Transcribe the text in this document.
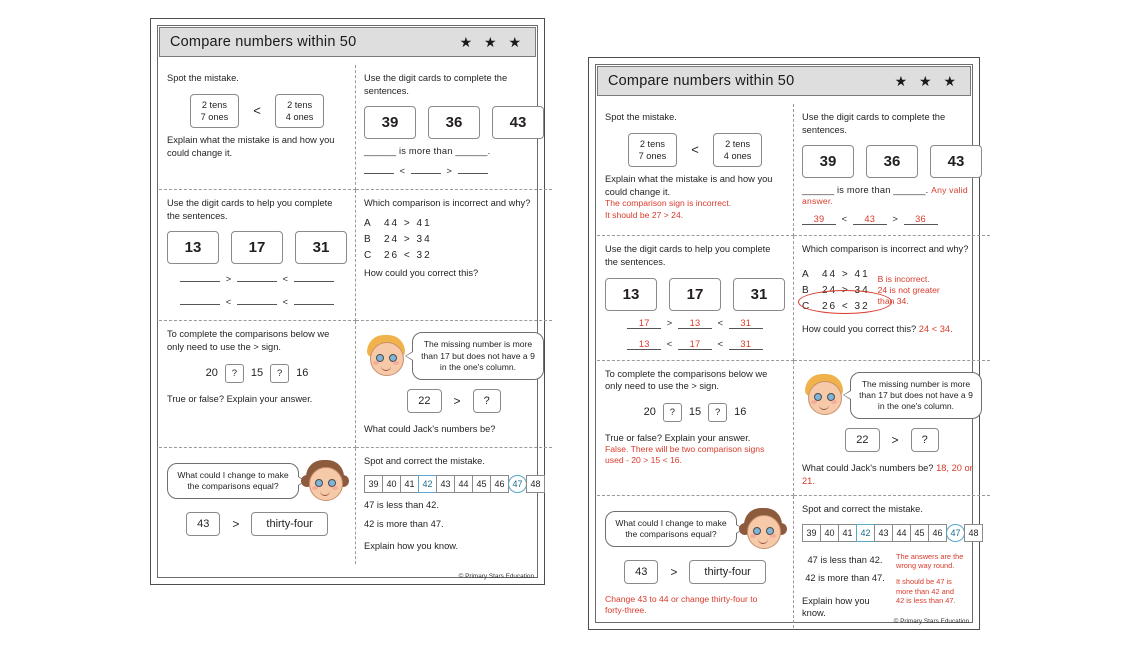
Compare numbers within 50	★ ★ ★
Spot the mistake.
2 tens
7 ones <	2 tens
4 ones
Explain what the mistake is and how you could change it.
Use the digit cards to complete the sentences.
39	36	43
______ is more than ______.
<	>
Use the digit cards to help you complete the sentences.
13	17	31
>	<
<	<
Which comparison is incorrect and why?
A	44 > 41
B	24 > 34
C 26 < 32
How could you correct this?
To complete the comparisons below we only need to use the > sign.
20	?	15	?	16
True or false? Explain your answer.
The missing number is more than 17 but does not have a 9 in the one's column.
22	>	?
What could Jack's numbers be?
What could I change to make the comparisons equal?
43	>	thirty-four
Spot and correct the mistake.
39 40 41 42 43 44 45 46 47 48
47 is less than 42.
42 is more than 47.
Explain how you know.
© Primary Stars Education
Compare numbers within 50	★ ★ ★
Spot the mistake.
2 tens
7 ones <	2 tens
4 ones
Explain what the mistake is and how you could change it.
The comparison sign is incorrect.
It should be 27 > 24.
Use the digit cards to complete the sentences.
39	36	43
______ is more than ______. Any valid answer.
39  <  43  >  36
Use the digit cards to help you complete the sentences.
13	17	31
17 > 13 < 31
13 < 17 < 31
Which comparison is incorrect and why?
A	44 > 41
B	24 > 34
C 26 < 32
B is incorrect.
24 is not greater
than 34.
How could you correct this? 24 < 34.
To complete the comparisons below we only need to use the > sign.
20	?	15	?	16
True or false? Explain your answer.
False. There will be two comparison signs
used - 20 > 15 < 16.
The missing number is more than 17 but does not have a 9 in the one's column.
22	>	?
What could Jack's numbers be? 18, 20 or 21.
What could I change to make the comparisons equal?
43	>	thirty-four
Change 43 to 44 or change thirty-four to
forty-three.
Spot and correct the mistake.
39 40 41 42 43 44 45 46 47 48
47 is less than 42.
42 is more than 47.
Explain how you know.
The answers are the
wrong way round.
It should be 47 is
more than 42 and
42 is less than 47.
© Primary Stars Education
